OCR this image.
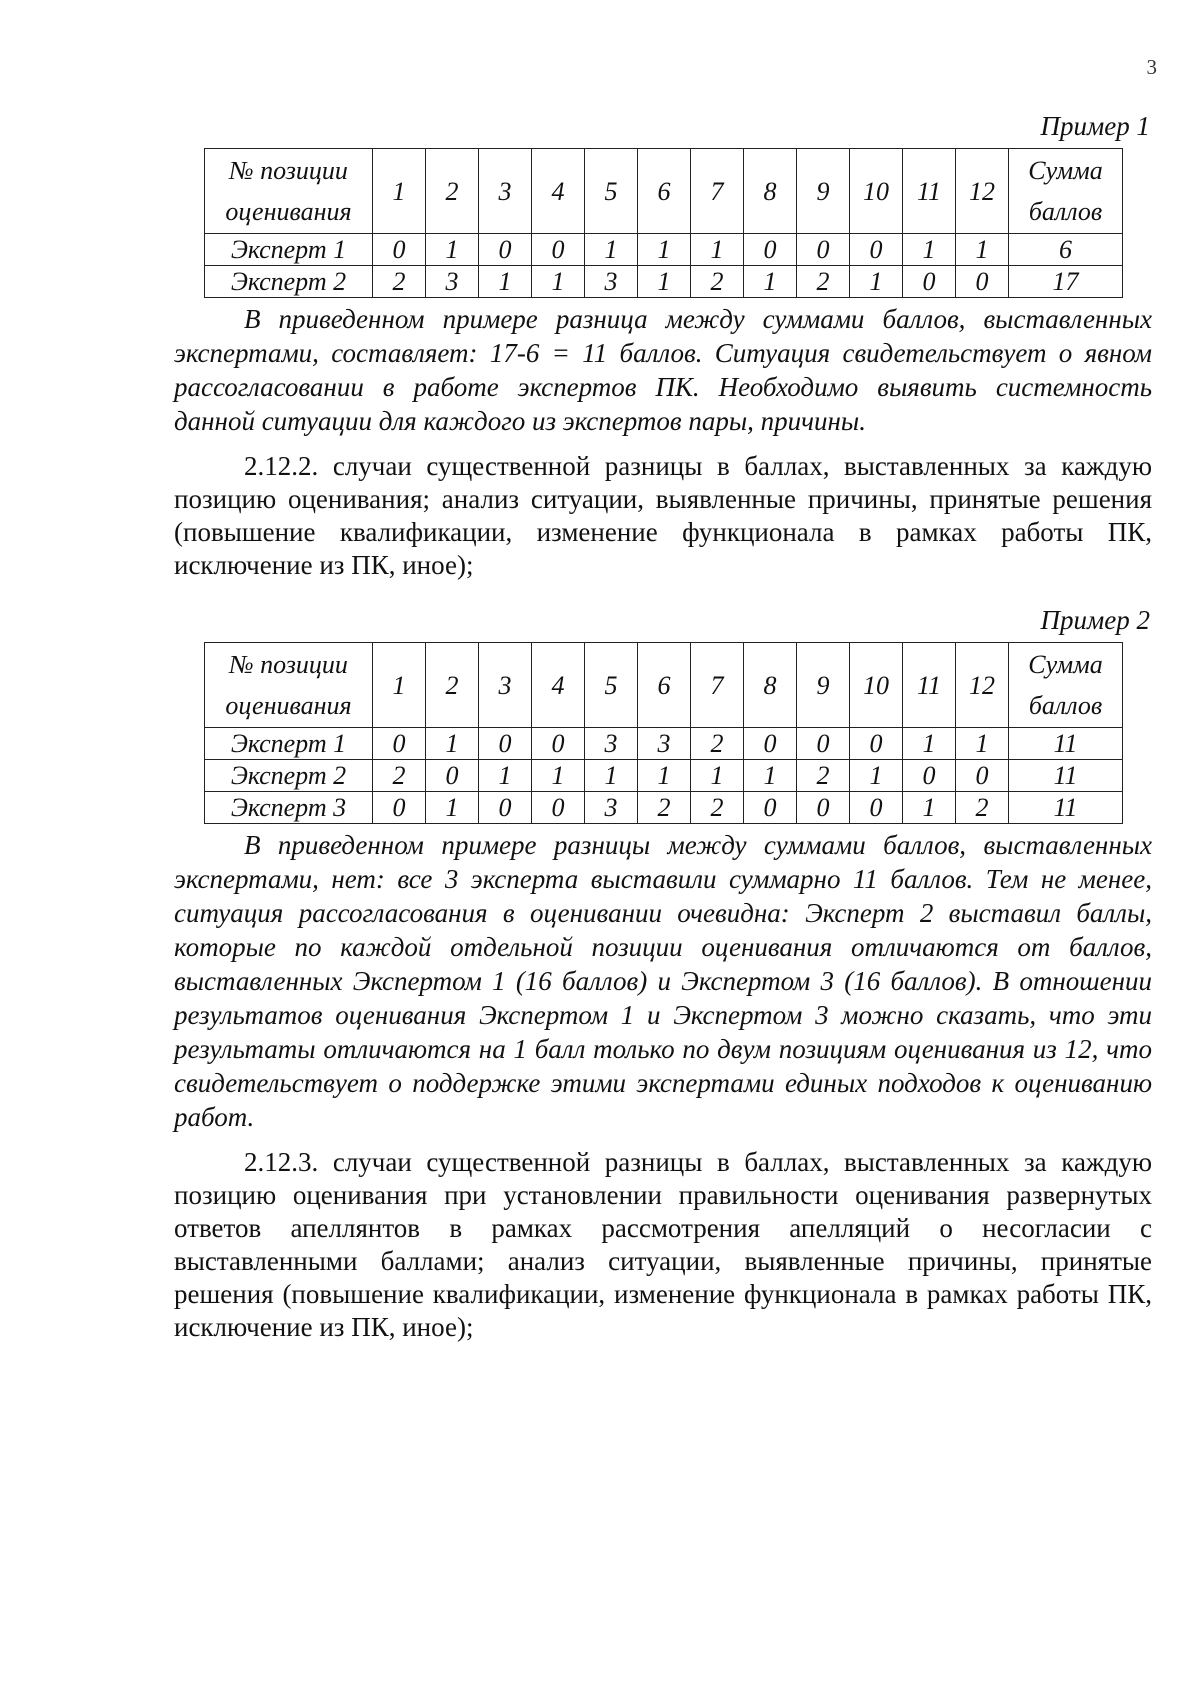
3
Пример 1
№ позиции
оценивания	1	2	3	4	5	6	7	8	9	10	11	12	Сумма
баллов
Эксперт 1	0	1	0	0	1	1	1	0	0	0	1	1	6
Эксперт 2	2	3	1	1	3	1	2	1	2	1	0	0	17

В приведенном примере разница между суммами баллов, выставленных экспертами, составляет: 17-6 = 11 баллов. Ситуация свидетельствует о явном рассогласовании в работе экспертов ПК. Необходимо выявить системность данной ситуации для каждого из экспертов пары, причины.

2.12.2. случаи существенной разницы в баллах, выставленных за каждую позицию оценивания; анализ ситуации, выявленные причины, принятые решения (повышение квалификации, изменение функционала в рамках работы ПК, исключение из ПК, иное);

Пример 2
№ позиции
оценивания	1	2	3	4	5	6	7	8	9	10	11	12	Сумма
баллов
Эксперт 1	0	1	0	0	3	3	2	0	0	0	1	1	11
Эксперт 2	2	0	1	1	1	1	1	1	2	1	0	0	11
Эксперт 3	0	1	0	0	3	2	2	0	0	0	1	2	11

В приведенном примере разницы между суммами баллов, выставленных экспертами, нет: все 3 эксперта выставили суммарно 11 баллов. Тем не менее, ситуация рассогласования в оценивании очевидна: Эксперт 2 выставил баллы, которые по каждой отдельной позиции оценивания отличаются от баллов, выставленных Экспертом 1 (16 баллов) и Экспертом 3 (16 баллов). В отношении результатов оценивания Экспертом 1 и Экспертом 3 можно сказать, что эти результаты отличаются на 1 балл только по двум позициям оценивания из 12, что свидетельствует о поддержке этими экспертами единых подходов к оцениванию работ.

2.12.3. случаи существенной разницы в баллах, выставленных за каждую позицию оценивания при установлении правильности оценивания развернутых ответов апеллянтов в рамках рассмотрения апелляций о несогласии с выставленными баллами; анализ ситуации, выявленные причины, принятые решения (повышение квалификации, изменение функционала в рамках работы ПК, исключение из ПК, иное);
